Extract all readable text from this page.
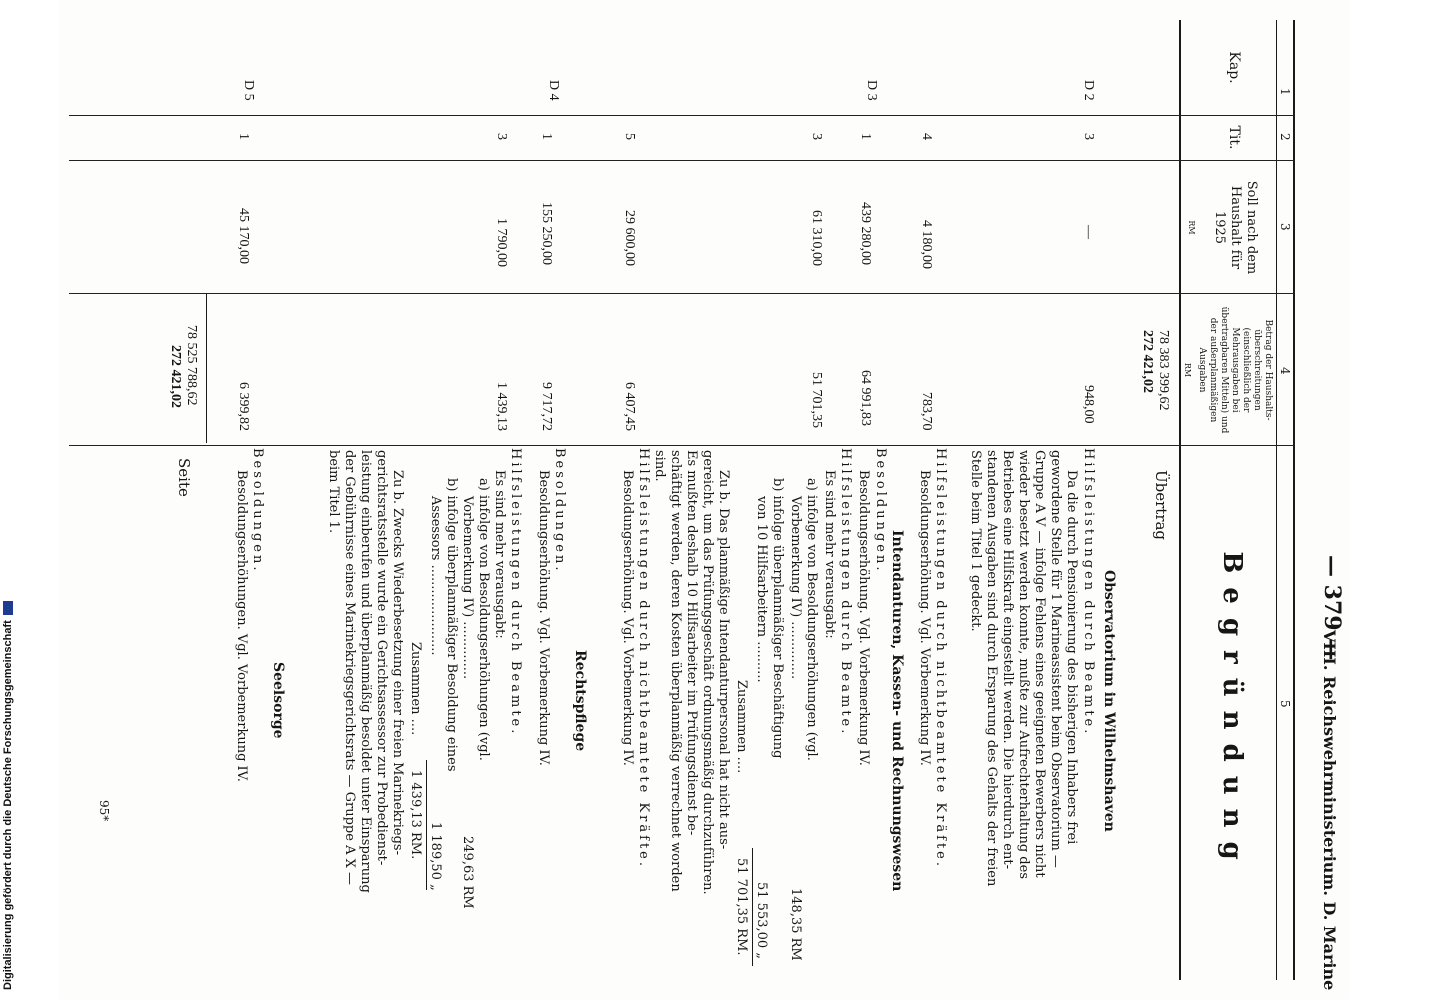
— 379 —
VIII. Reichswehrministerium. D. Marine
1
2
3
4
5
Kap.
Tit.
Soll nach dem Haushalt für 1925
RM
Betrag der Haushalts-überschreitungen (einschließlich der Mehrausgaben bei übertragbaren Mitteln) und der außerplanmäßigen Ausgaben
RM
Begründung
78 383 399,62
272 421,02
Übertrag
D 2
3
—
948,00
4
4 180,00
783,70
D 3
1
439 280,00
64 991,83
3
61 310,00
51 701,35
5
29 600,00
6 407,45
D 4
1
155 250,00
9 717,72
3
1 790,00
1 439,13
D 5
1
45 170,00
6 399,82
Observatorium in Wilhelmshaven
Hilfsleistungen durch Beamte.
Da die durch Pensionierung des bisherigen Inhabers frei
gewordene Stelle für 1 Marineassistent beim Observatorium —
Gruppe A V — infolge Fehlens eines geeigneten Bewerbers nicht
wieder besetzt werden konnte, mußte zur Aufrechterhaltung des
Betriebes eine Hilfskraft eingestellt werden. Die hierdurch ent-
standenen Ausgaben sind durch Ersparung des Gehalts der freien
Stelle beim Titel 1 gedeckt.
Hilfsleistungen durch nichtbeamtete Kräfte.
Besoldungserhöhung. Vgl. Vorbemerkung IV.
Intendanturen, Kassen- und Rechnungswesen
Besoldungen.
Besoldungserhöhung. Vgl. Vorbemerkung IV.
Hilfsleistungen durch Beamte.
Es sind mehr verausgabt:
a) infolge von Besoldungserhöhungen (vgl.
Vorbemerkung IV) ..............
148,35 RM
b) infolge überplanmäßiger Beschäftigung
von 10 Hilfsarbeitern ..........
51 553,00 „
Zusammen ....
51 701,35 RM.
Zu b. Das planmäßige Intendanturpersonal hat nicht aus-
gereicht, um das Prüfungsgeschäft ordnungsmäßig durchzuführen.
Es mußten deshalb 10 Hilfsarbeiter im Prüfungsdienst be-
schäftigt werden, deren Kosten überplanmäßig verrechnet worden
sind.
Hilfsleistungen durch nichtbeamtete Kräfte.
Besoldungserhöhung. Vgl. Vorbemerkung IV.
Rechtspflege
Besoldungen.
Besoldungserhöhung. Vgl. Vorbemerkung IV.
Hilfsleistungen durch Beamte.
Es sind mehr verausgabt:
a) infolge von Besoldungserhöhungen (vgl.
Vorbemerkung IV) ..............
249,63 RM
b) infolge überplanmäßiger Besoldung eines
Assessors ......................
1 189,50 „
Zusammen ....
1 439,13 RM.
Zu b. Zwecks Wiederbesetzung einer freien Marinekriegs-
gerichtsratsstelle wurde ein Gerichtsassessor zur Probedienst-
leistung einberufen und überplanmäßig besoldet unter Einsparung
der Gebührnisse eines Marinekriegsgerichtsrats — Gruppe A X —
beim Titel 1.
Seelsorge
Besoldungen.
Besoldungserhöhungen. Vgl. Vorbemerkung IV.
78 525 788,62
272 421,02
Seite
95*
Digitalisierung gefördert durch die Deutsche Forschungsgemeinschaft
